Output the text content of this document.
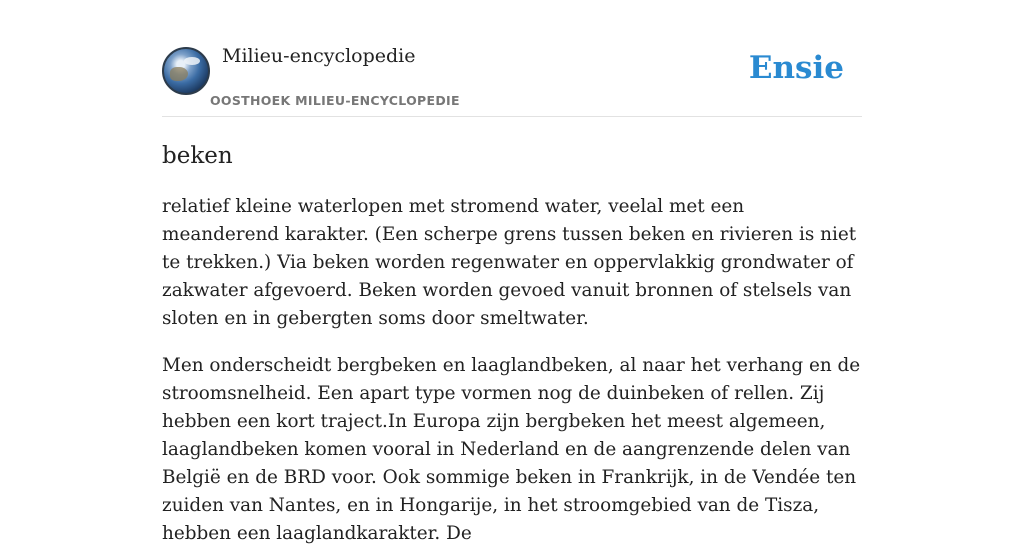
Milieu-encyclopedie
OOSTHOEK MILIEU-ENCYCLOPEDIE
Ensie
beken

relatief kleine waterlopen met stromend water, veelal met een meanderend karakter. (Een scherpe grens tussen beken en rivieren is niet te trekken.) Via beken worden regenwater en oppervlakkig grondwater of zakwater afgevoerd. Beken worden gevoed vanuit bronnen of stelsels van sloten en in gebergten soms door smeltwater.

Men onderscheidt bergbeken en laaglandbeken, al naar het verhang en de stroomsnelheid. Een apart type vormen nog de duinbeken of rellen. Zij hebben een kort traject.In Europa zijn bergbeken het meest algemeen, laaglandbeken komen vooral in Nederland en de aangrenzende delen van België en de BRD voor. Ook sommige beken in Frankrijk, in de Vendée ten zuiden van Nantes, en in Hongarije, in het stroomgebied van de Tisza, hebben een laaglandkarakter. De
